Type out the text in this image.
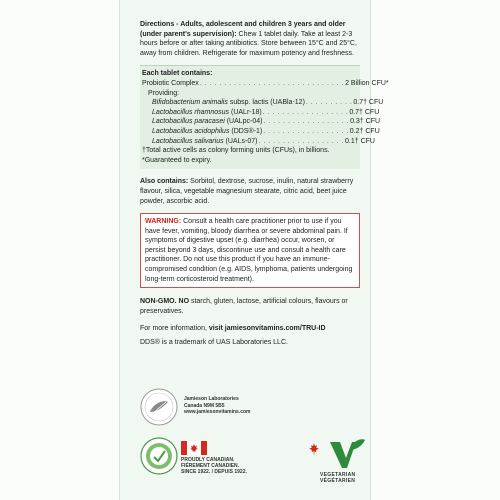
Directions - Adults, adolescent and children 3 years and older (under parent's supervision): Chew 1 tablet daily. Take at least 2-3 hours before or after taking antibiotics. Store between 15°C and 25°C, away from children. Refrigerate for maximum potency and freshness.

Each tablet contains:
Probiotic Complex . . . . . . . . . . . . . . . . . . . . . . . . . . . . . . 2 Billion CFU*
Providing:
Bifidobacterium animalis subsp. lactis (UABla-12) . . . . . . . . . . 0.7† CFU
Lactobacillus rhamnosus (UALr-18) . . . . . . . . . . . . . . . . . . 0.7† CFU
Lactobacillus paracasei (UALpc-04) . . . . . . . . . . . . . . . . . . 0.3† CFU
Lactobacillus acidophilus (DDS®-1) . . . . . . . . . . . . . . . . . . 0.2† CFU
Lactobacillus salivarius (UALs-07) . . . . . . . . . . . . . . . . . . 0.1† CFU
†Total active cells as colony forming units (CFUs), in billions.
*Guaranteed to expiry.

Also contains: Sorbitol, dextrose, sucrose, inulin, natural strawberry flavour, silica, vegetable magnesium stearate, citric acid, beet juice powder, ascorbic acid.

WARNING: Consult a health care practitioner prior to use if you have fever, vomiting, bloody diarrhea or severe abdominal pain. If symptoms of digestive upset (e.g. diarrhea) occur, worsen, or persist beyond 3 days, discontinue use and consult a health care practitioner. Do not use this product if you have an immune-compromised condition (e.g. AIDS, lymphoma, patients undergoing long-term corticosteroid treatment).

NON-GMO. NO starch, gluten, lactose, artificial colours, flavours or preservatives.

For more information, visit jamiesonvitamins.com/TRU-ID

DDS® is a trademark of UAS Laboratories LLC.

Jamieson Laboratories
Canada N9M 5B5
www.jamiesonvitamins.com
PROUDLY CANADIAN.
FIÈREMENT CANADIEN.
SINCE 1922. / DEPUIS 1922.	VEGETARIAN
VÉGÉTARIEN
